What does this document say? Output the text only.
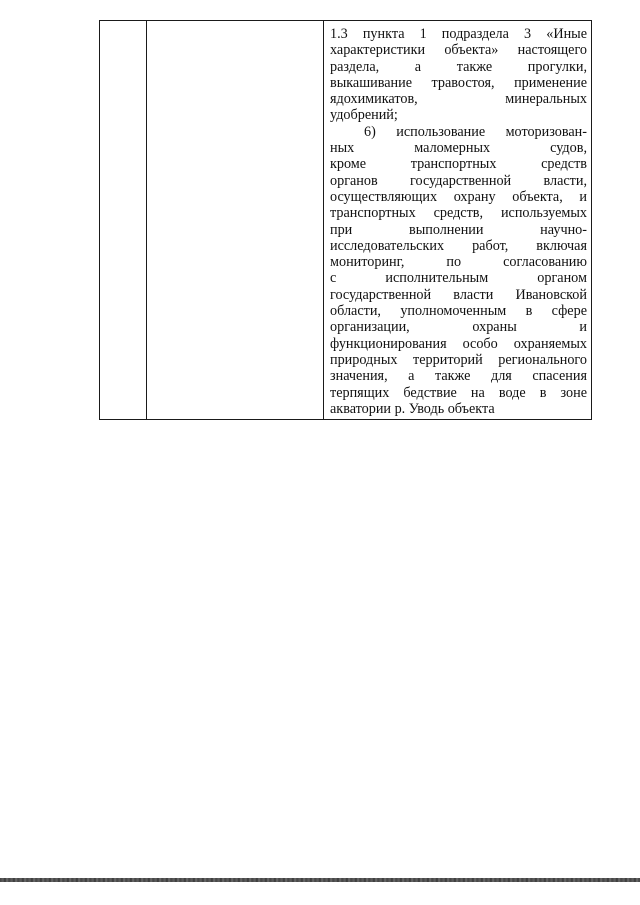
1.3 пункта 1 подраздела 3 «Иные
характеристики объекта» настоящего
раздела, а также прогулки,
выкашивание травостоя, применение
ядохимикатов, минеральных
удобрений;
6) использование моторизован-
ных маломерных судов,
кроме транспортных средств
органов государственной власти,
осуществляющих охрану объекта, и
транспортных средств, используемых
при выполнении научно-
исследовательских работ, включая
мониторинг, по согласованию
с исполнительным органом
государственной власти Ивановской
области, уполномоченным в сфере
организации, охраны и
функционирования особо охраняемых
природных территорий регионального
значения, а также для спасения
терпящих бедствие на воде в зоне
акватории р. Уводь объекта
